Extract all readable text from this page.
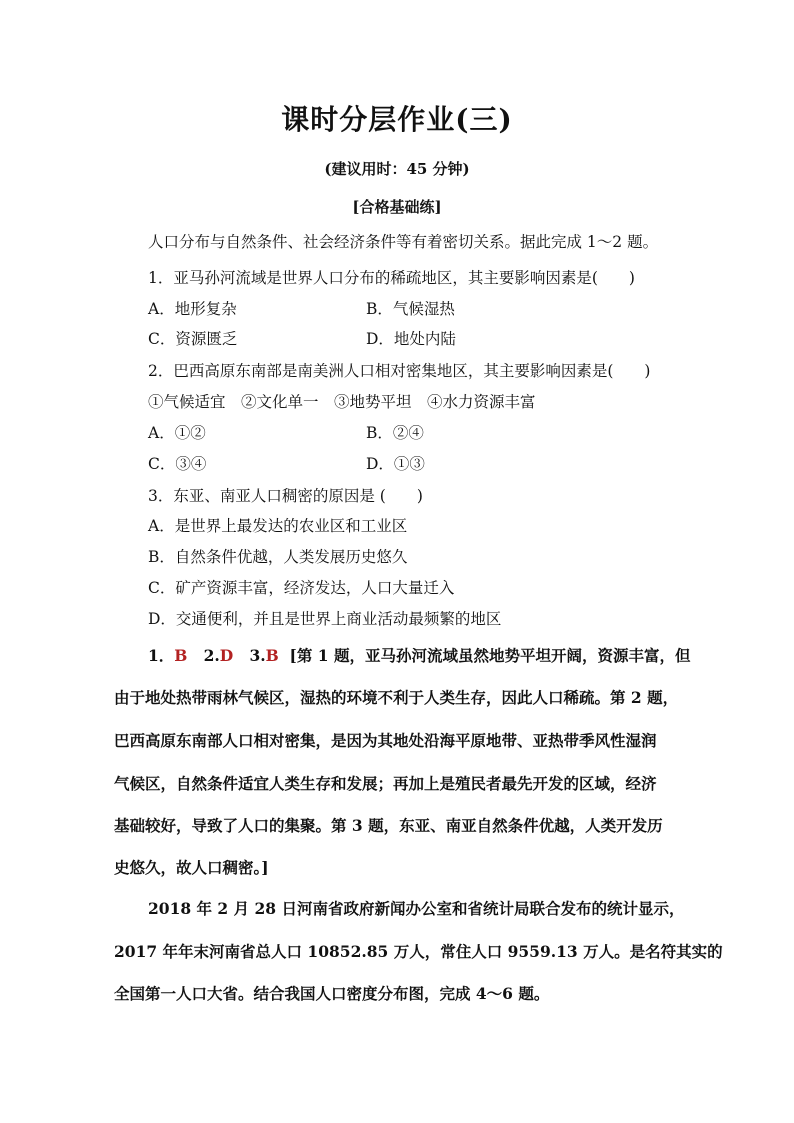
课时分层作业(三)
(建议用时：45 分钟)
[合格基础练]
人口分布与自然条件、社会经济条件等有着密切关系。据此完成 1～2 题。
1．亚马孙河流域是世界人口分布的稀疏地区，其主要影响因素是(　　)
A．地形复杂	B．气候湿热
C．资源匮乏	D．地处内陆
2．巴西高原东南部是南美洲人口相对密集地区，其主要影响因素是(　　)
①气候适宜　②文化单一　③地势平坦　④水力资源丰富
A．①②	B．②④
C．③④	D．①③
3．东亚、南亚人口稠密的原因是 (　　)
A．是世界上最发达的农业区和工业区
B．自然条件优越，人类发展历史悠久
C．矿产资源丰富，经济发达，人口大量迁入
D．交通便利，并且是世界上商业活动最频繁的地区
1．B 2.D 3.B [第 1 题，亚马孙河流域虽然地势平坦开阔，资源丰富，但
由于地处热带雨林气候区，湿热的环境不利于人类生存，因此人口稀疏。第 2 题，
巴西高原东南部人口相对密集，是因为其地处沿海平原地带、亚热带季风性湿润
气候区，自然条件适宜人类生存和发展；再加上是殖民者最先开发的区域，经济
基础较好，导致了人口的集聚。第 3 题，东亚、南亚自然条件优越，人类开发历
史悠久，故人口稠密。]
2018 年 2 月 28 日河南省政府新闻办公室和省统计局联合发布的统计显示，
2017 年年末河南省总人口 10852.85 万人，常住人口 9559.13 万人。是名符其实的
全国第一人口大省。结合我国人口密度分布图，完成 4～6 题。
